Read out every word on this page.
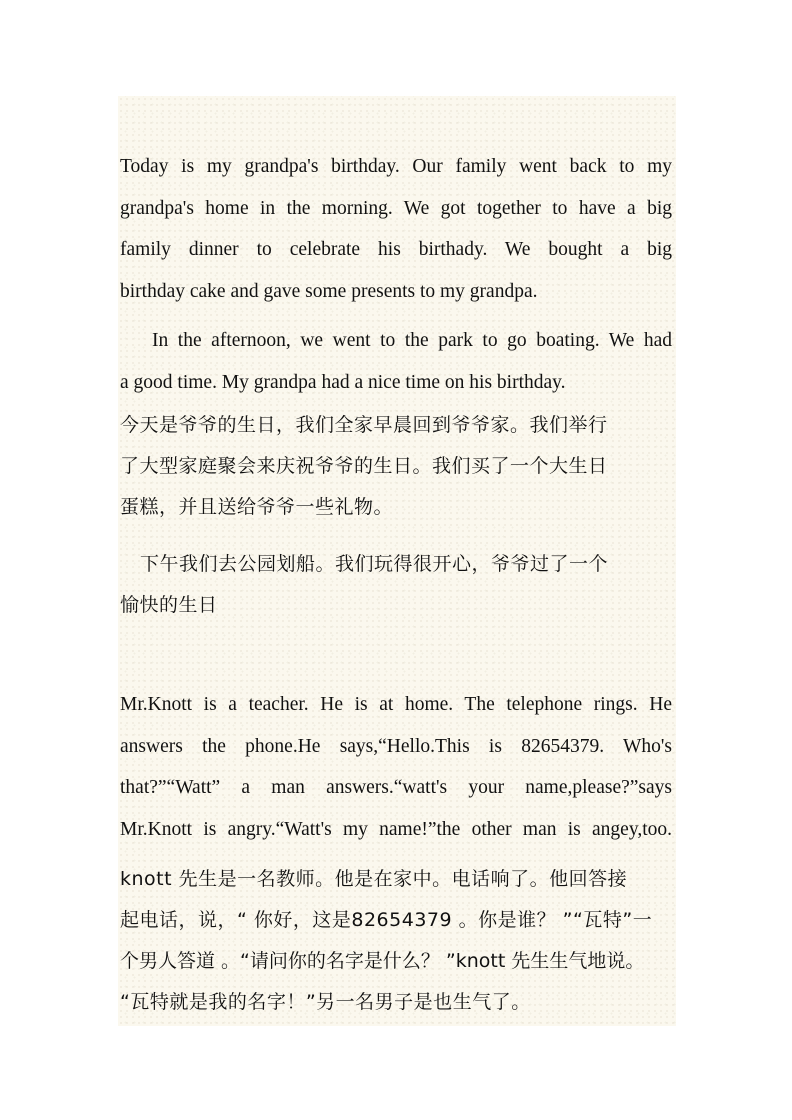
Today is my grandpa's birthday. Our family went back to my
grandpa's home in the morning. We got together to have a big
family dinner to celebrate his birthady. We bought a big
birthday cake and gave some presents to my grandpa.

In the afternoon, we went to the park to go boating. We had
a good time. My grandpa had a nice time on his birthday.

今天是爷爷的生日，我们全家早晨回到爷爷家。我们举行
了大型家庭聚会来庆祝爷爷的生日。我们买了一个大生日
蛋糕，并且送给爷爷一些礼物。

下午我们去公园划船。我们玩得很开心，爷爷过了一个
愉快的生日

Mr.Knott is a teacher. He is at home. The telephone rings. He
answers the phone.He says,“Hello.This is 82654379. Who's
that?”“Watt” a man answers.“watt's your name,please?”says
Mr.Knott is angry.“Watt's my name!”the other man is angey,too.

knott 先生是一名教师。他是在家中。电话响了。他回答接
起电话，说，“ 你好，这是82654379 。你是谁？ ”“瓦特”一
个男人答道 。“请问你的名字是什么？ ”knott 先生生气地说。
“瓦特就是我的名字！”另一名男子是也生气了。
